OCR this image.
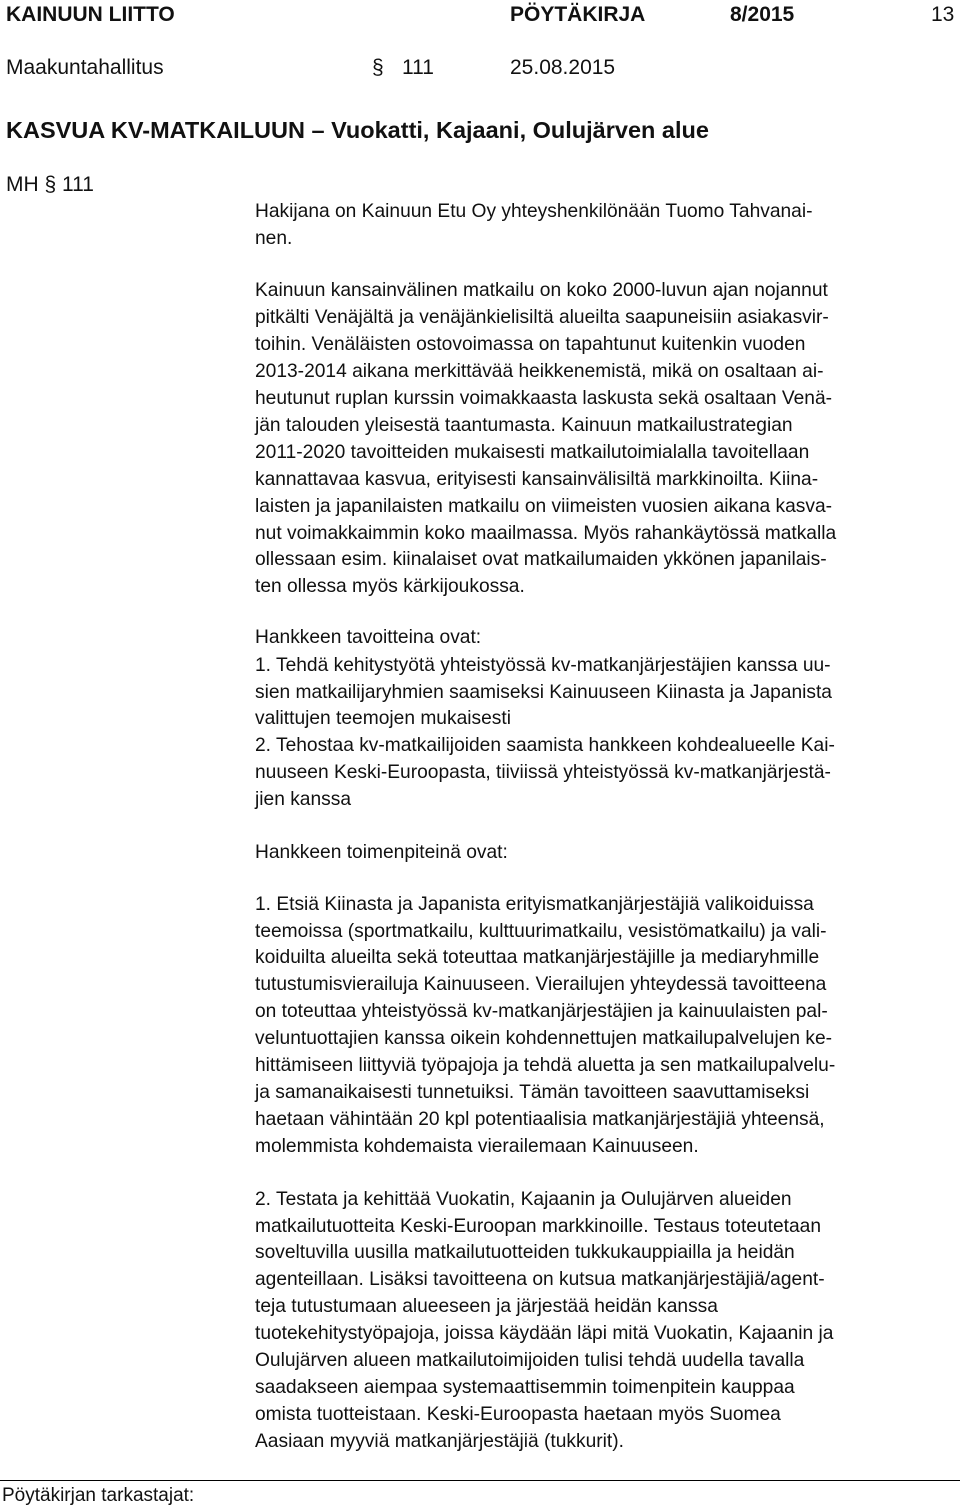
KAINUUN LIITTO	PÖYTÄKIRJA	8/2015	13
Maakuntahallitus	§ 111	25.08.2015
KASVUA KV-MATKAILUUN – Vuokatti, Kajaani, Oulujärven alue
MH § 111
Hakijana on Kainuun Etu Oy yhteyshenkilönään Tuomo Tahvanai-
nen.
Kainuun kansainvälinen matkailu on koko 2000-luvun ajan nojannut
pitkälti Venäjältä ja venäjänkielisiltä alueilta saapuneisiin asiakasvir-
toihin. Venäläisten ostovoimassa on tapahtunut kuitenkin vuoden
2013-2014 aikana merkittävää heikkenemistä, mikä on osaltaan ai-
heutunut ruplan kurssin voimakkaasta laskusta sekä osaltaan Venä-
jän talouden yleisestä taantumasta. Kainuun matkailustrategian
2011-2020 tavoitteiden mukaisesti matkailutoimialalla tavoitellaan
kannattavaa kasvua, erityisesti kansainvälisiltä markkinoilta. Kiina-
laisten ja japanilaisten matkailu on viimeisten vuosien aikana kasva-
nut voimakkaimmin koko maailmassa. Myös rahankäytössä matkalla
ollessaan esim. kiinalaiset ovat matkailumaiden ykkönen japanilais-
ten ollessa myös kärkijoukossa.
Hankkeen tavoitteina ovat:
1. Tehdä kehitystyötä yhteistyössä kv-matkanjärjestäjien kanssa uu-
sien matkailijaryhmien saamiseksi Kainuuseen Kiinasta ja Japanista
valittujen teemojen mukaisesti
2. Tehostaa kv-matkailijoiden saamista hankkeen kohdealueelle Kai-
nuuseen Keski-Euroopasta, tiiviissä yhteistyössä kv-matkanjärjestä-
jien kanssa
Hankkeen toimenpiteinä ovat:
1. Etsiä Kiinasta ja Japanista erityismatkanjärjestäjiä valikoiduissa
teemoissa (sportmatkailu, kulttuurimatkailu, vesistömatkailu) ja vali-
koiduilta alueilta sekä toteuttaa matkanjärjestäjille ja mediaryhmille
tutustumisvierailuja Kainuuseen. Vierailujen yhteydessä tavoitteena
on toteuttaa yhteistyössä kv-matkanjärjestäjien ja kainuulaisten pal-
veluntuottajien kanssa oikein kohdennettujen matkailupalvelujen ke-
hittämiseen liittyviä työpajoja ja tehdä aluetta ja sen matkailupalvelu-
ja samanaikaisesti tunnetuiksi. Tämän tavoitteen saavuttamiseksi
haetaan vähintään 20 kpl potentiaalisia matkanjärjestäjiä yhteensä,
molemmista kohdemaista vierailemaan Kainuuseen.
2. Testata ja kehittää Vuokatin, Kajaanin ja Oulujärven alueiden
matkailutuotteita Keski-Euroopan markkinoille. Testaus toteutetaan
soveltuvilla uusilla matkailutuotteiden tukkukauppiailla ja heidän
agenteillaan. Lisäksi tavoitteena on kutsua matkanjärjestäjiä/agent-
teja tutustumaan alueeseen ja järjestää heidän kanssa
tuotekehitystyöpajoja, joissa käydään läpi mitä Vuokatin, Kajaanin ja
Oulujärven alueen matkailutoimijoiden tulisi tehdä uudella tavalla
saadakseen aiempaa systemaattisemmin toimenpitein kauppaa
omista tuotteistaan. Keski-Euroopasta haetaan myös Suomea
Aasiaan myyviä matkanjärjestäjiä (tukkurit).
Pöytäkirjan tarkastajat:
